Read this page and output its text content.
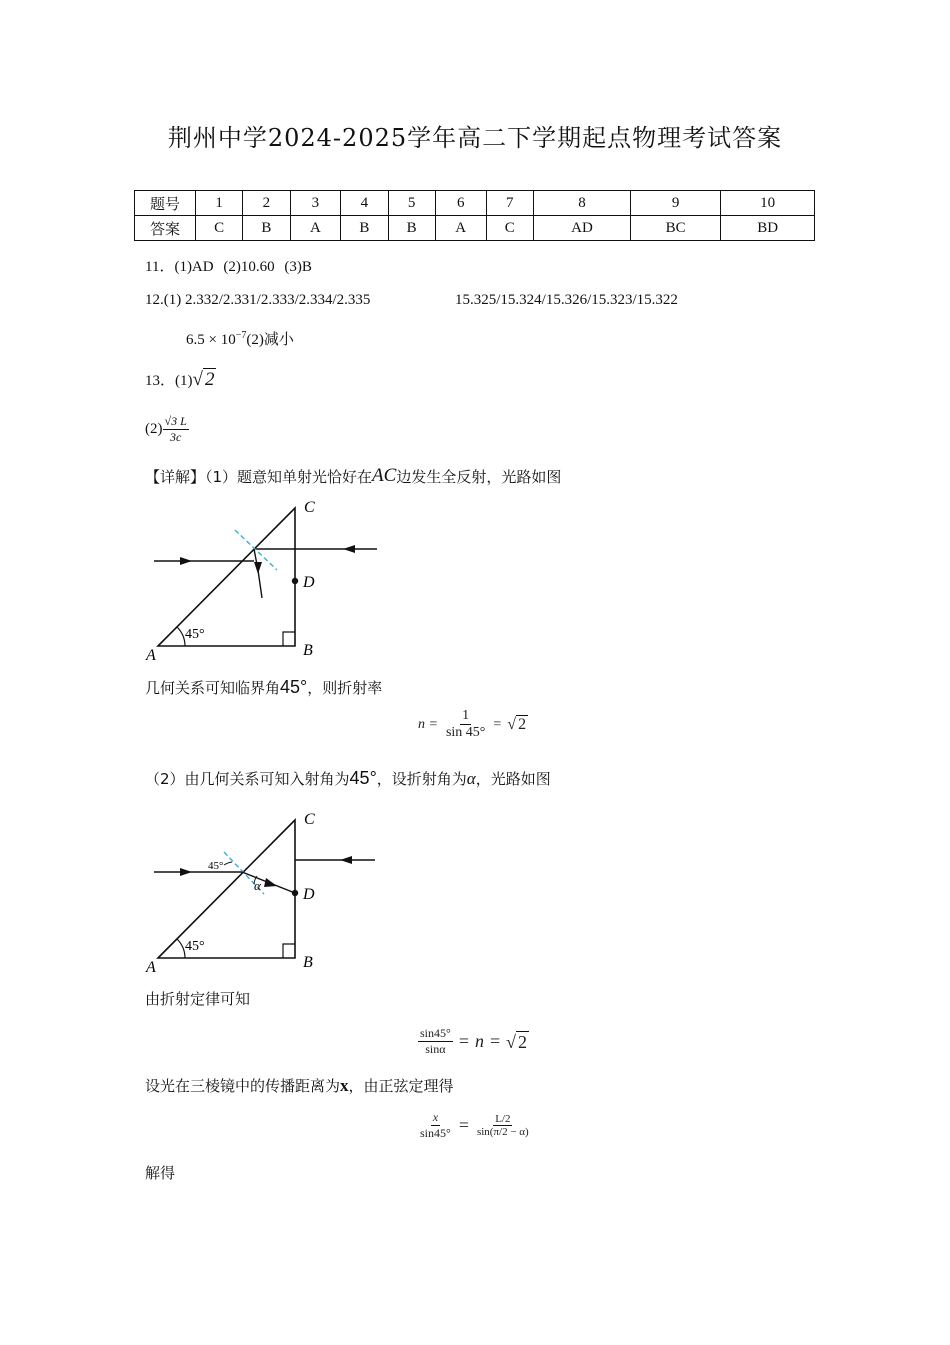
荆州中学2024-2025学年高二下学期起点物理考试答案
题号	1	2	3	4	5	6	7	8	9	10
答案	C	B	A	B	B	A	C	AD	BC	BD
11．(1)AD (2)10.60 (3)B
12.(1) 2.332/2.331/2.333/2.334/2.335	15.325/15.324/15.326/15.323/15.322
$6.5 \times 10^{-7}(2)$减小
13．(1) √ 2
$(2) \frac{√3 L}{3c}$
【详解】（1）题意知单射光恰好在 AC 边发生全反射，光路如图
C
D
A	B
45°
几何关系可知临界角 45° ，则折射率
$n = \frac{1}{\sin 45^\circ}$ = √ 2
（2）由几何关系可知入射角为 45° ，设折射角为 α ，光路如图
C
D
A	B
45°
45°
α
由折射定律可知
$\frac{\sin 45^\circ}{\sin\alpha} = n$ = √ 2
设光在三棱镜中的传播距离为 x ，由正弦定理得
$\frac{x}{\sin 45^\circ} = \frac{L/2}{\sin(\pi/2 - \alpha)}$
解得
